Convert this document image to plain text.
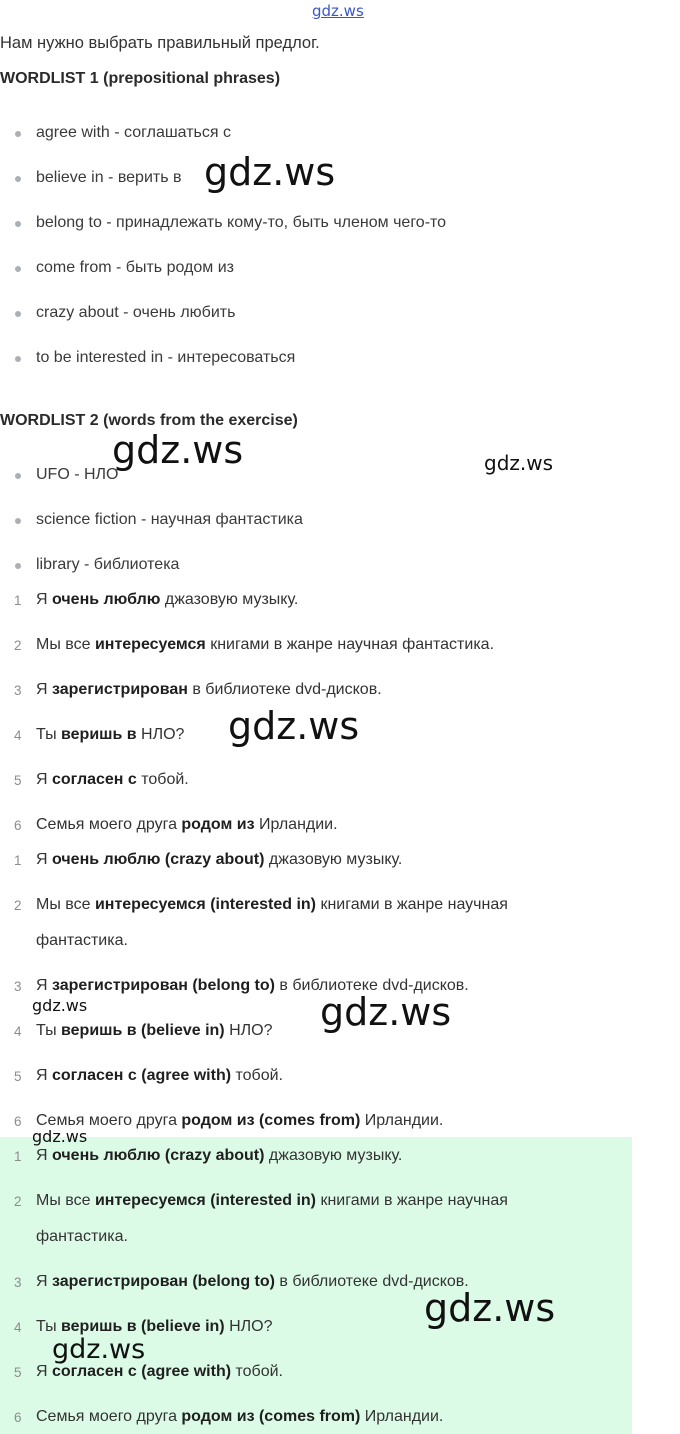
gdz.ws
Нам нужно выбрать правильный предлог.
WORDLIST 1 (prepositional phrases)
agree with - соглашаться с
believe in - верить в
belong to - принадлежать кому-то, быть членом чего-то
come from - быть родом из
crazy about - очень любить
to be interested in - интересоваться
WORDLIST 2 (words from the exercise)
UFO - НЛО
science fiction - научная фантастика
library - библиотека
1 Я очень люблю джазовую музыку.
2 Мы все интересуемся книгами в жанре научная фантастика.
3 Я зарегистрирован в библиотеке dvd-дисков.
4 Ты веришь в НЛО?
5 Я согласен с тобой.
6 Семья моего друга родом из Ирландии.
1 Я очень люблю (crazy about) джазовую музыку.
2 Мы все интересуемся (interested in) книгами в жанре научная
фантастика.
3 Я зарегистрирован (belong to) в библиотеке dvd-дисков.
4 Ты веришь в (believe in) НЛО?
5 Я согласен с (agree with) тобой.
6 Семья моего друга родом из (comes from) Ирландии.
1 Я очень люблю (crazy about) джазовую музыку.
2 Мы все интересуемся (interested in) книгами в жанре научная
фантастика.
3 Я зарегистрирован (belong to) в библиотеке dvd-дисков.
4 Ты веришь в (believe in) НЛО?
5 Я согласен с (agree with) тобой.
6 Семья моего друга родом из (comes from) Ирландии.
gdz.ws
gdz.ws	gdz.ws
gdz.ws
gdz.ws	gdz.ws
gdz.ws
gdz.ws
gdz.ws
